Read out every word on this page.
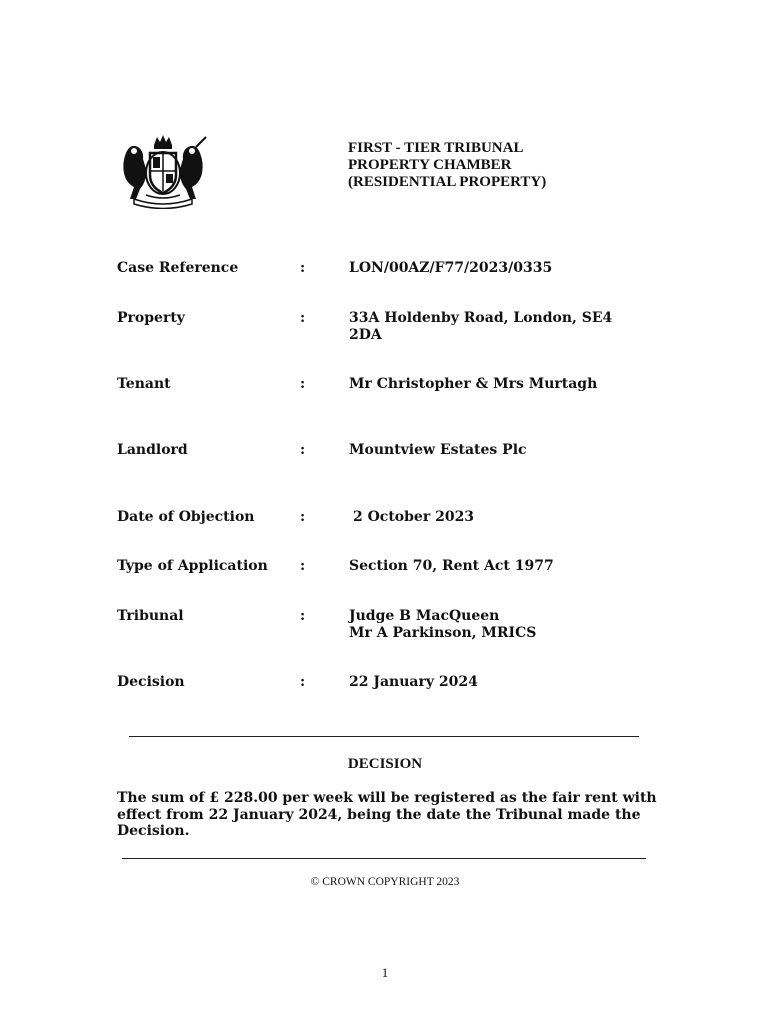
FIRST - TIER TRIBUNAL
PROPERTY CHAMBER
(RESIDENTIAL PROPERTY)
Case Reference	:	LON/00AZ/F77/2023/0335
Property	:	33A Holdenby Road, London, SE4
2DA
Tenant	:	Mr Christopher & Mrs Murtagh
Landlord	:	Mountview Estates Plc
Date of Objection	:	2 October 2023
Type of Application :	Section 70, Rent Act 1977
Tribunal	:	Judge B MacQueen
Mr A Parkinson, MRICS
Decision	:	22 January 2024
DECISION
The sum of £ 228.00 per week will be registered as the fair rent with effect from 22 January 2024, being the date the Tribunal made the Decision.
© CROWN COPYRIGHT 2023
1
